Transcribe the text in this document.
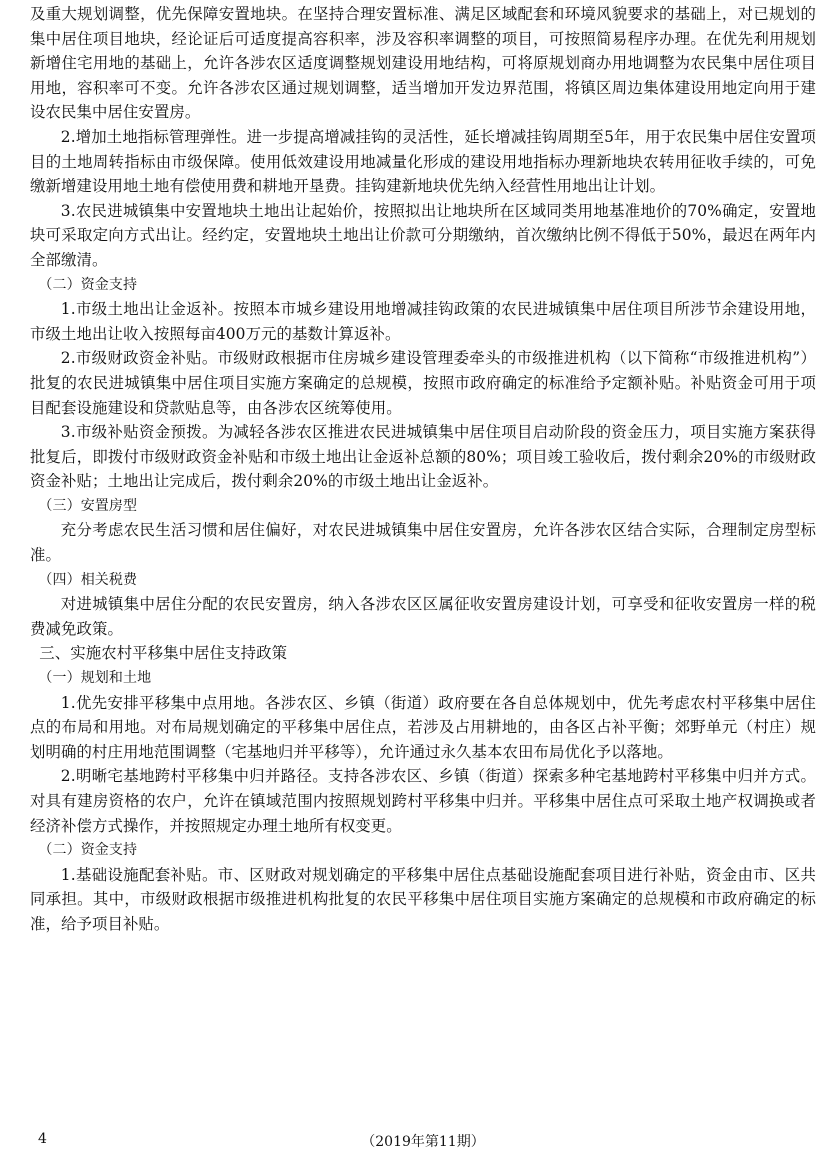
及重大规划调整，优先保障安置地块。在坚持合理安置标准、满足区域配套和环境风貌要求的基础上，对已规划的集中居住项目地块，经论证后可适度提高容积率，涉及容积率调整的项目，可按照简易程序办理。在优先利用规划新增住宅用地的基础上，允许各涉农区适度调整规划建设用地结构，可将原规划商办用地调整为农民集中居住项目用地，容积率可不变。允许各涉农区通过规划调整，适当增加开发边界范围，将镇区周边集体建设用地定向用于建设农民集中居住安置房。

2.增加土地指标管理弹性。进一步提高增减挂钩的灵活性，延长增减挂钩周期至5年，用于农民集中居住安置项目的土地周转指标由市级保障。使用低效建设用地减量化形成的建设用地指标办理新地块农转用征收手续的，可免缴新增建设用地土地有偿使用费和耕地开垦费。挂钩建新地块优先纳入经营性用地出让计划。

3.农民进城镇集中安置地块土地出让起始价，按照拟出让地块所在区域同类用地基准地价的70%确定，安置地块可采取定向方式出让。经约定，安置地块土地出让价款可分期缴纳，首次缴纳比例不得低于50%，最迟在两年内全部缴清。

（二）资金支持

1.市级土地出让金返补。按照本市城乡建设用地增减挂钩政策的农民进城镇集中居住项目所涉节余建设用地，市级土地出让收入按照每亩400万元的基数计算返补。

2.市级财政资金补贴。市级财政根据市住房城乡建设管理委牵头的市级推进机构（以下简称“市级推进机构”）批复的农民进城镇集中居住项目实施方案确定的总规模，按照市政府确定的标准给予定额补贴。补贴资金可用于项目配套设施建设和贷款贴息等，由各涉农区统筹使用。

3.市级补贴资金预拨。为减轻各涉农区推进农民进城镇集中居住项目启动阶段的资金压力，项目实施方案获得批复后，即拨付市级财政资金补贴和市级土地出让金返补总额的80%；项目竣工验收后，拨付剩余20%的市级财政资金补贴；土地出让完成后，拨付剩余20%的市级土地出让金返补。

（三）安置房型

充分考虑农民生活习惯和居住偏好，对农民进城镇集中居住安置房，允许各涉农区结合实际，合理制定房型标准。

（四）相关税费

对进城镇集中居住分配的农民安置房，纳入各涉农区区属征收安置房建设计划，可享受和征收安置房一样的税费减免政策。

三、实施农村平移集中居住支持政策

（一）规划和土地

1.优先安排平移集中点用地。各涉农区、乡镇（街道）政府要在各自总体规划中，优先考虑农村平移集中居住点的布局和用地。对布局规划确定的平移集中居住点，若涉及占用耕地的，由各区占补平衡；郊野单元（村庄）规划明确的村庄用地范围调整（宅基地归并平移等），允许通过永久基本农田布局优化予以落地。

2.明晰宅基地跨村平移集中归并路径。支持各涉农区、乡镇（街道）探索多种宅基地跨村平移集中归并方式。对具有建房资格的农户，允许在镇域范围内按照规划跨村平移集中归并。平移集中居住点可采取土地产权调换或者经济补偿方式操作，并按照规定办理土地所有权变更。

（二）资金支持

1.基础设施配套补贴。市、区财政对规划确定的平移集中居住点基础设施配套项目进行补贴，资金由市、区共同承担。其中，市级财政根据市级推进机构批复的农民平移集中居住项目实施方案确定的总规模和市政府确定的标准，给予项目补贴。

4	（2019年第11期）
